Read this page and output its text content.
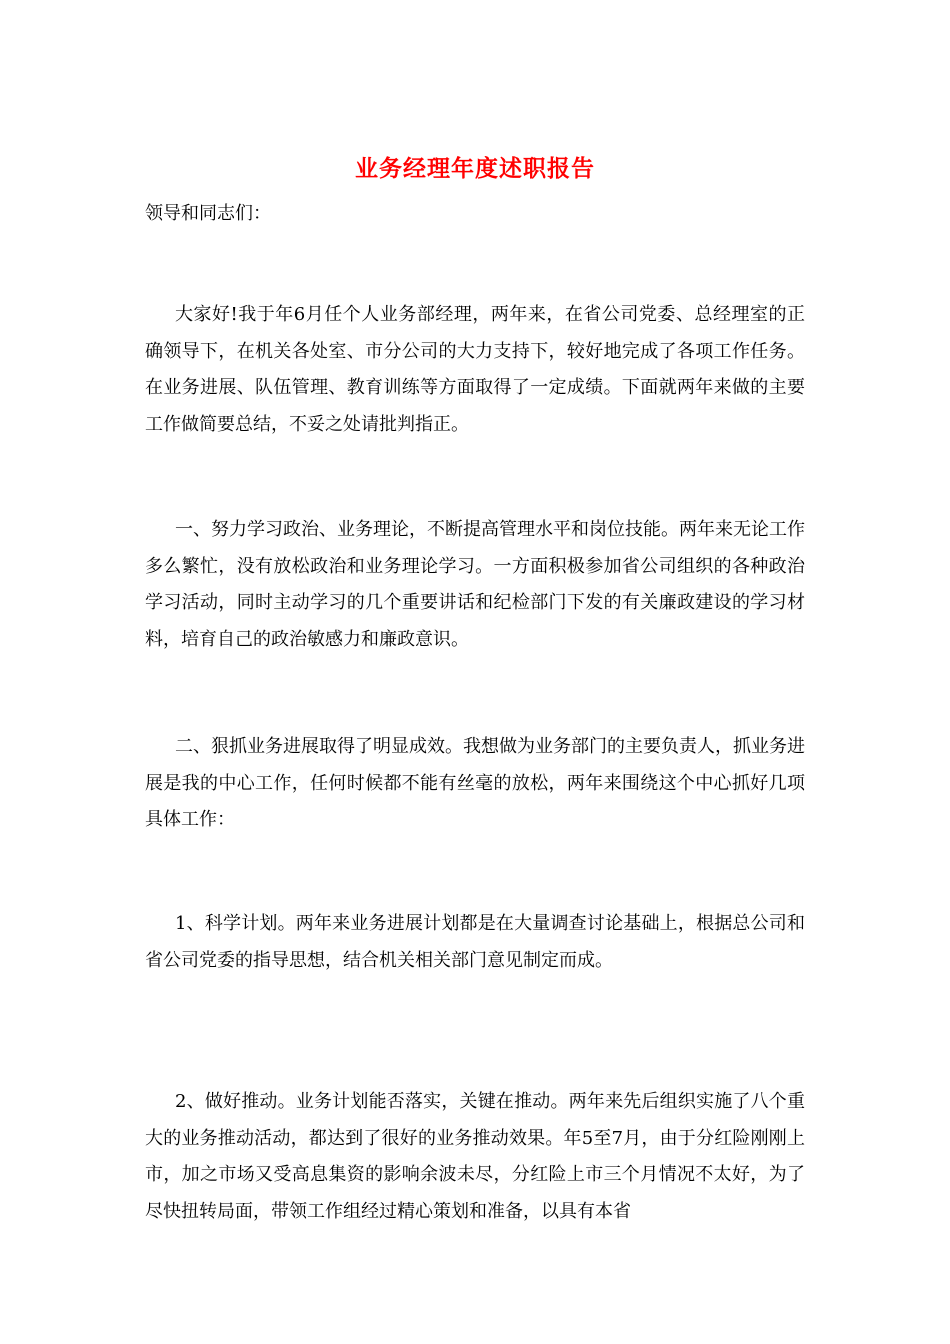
业务经理年度述职报告
领导和同志们：

大家好!我于年6月任个人业务部经理，两年来，在省公司党委、总经理室的正确领导下，在机关各处室、市分公司的大力支持下，较好地完成了各项工作任务。在业务进展、队伍管理、教育训练等方面取得了一定成绩。下面就两年来做的主要工作做简要总结，不妥之处请批判指正。

一、努力学习政治、业务理论，不断提高管理水平和岗位技能。两年来无论工作多么繁忙，没有放松政治和业务理论学习。一方面积极参加省公司组织的各种政治学习活动，同时主动学习的几个重要讲话和纪检部门下发的有关廉政建设的学习材料，培育自己的政治敏感力和廉政意识。

二、狠抓业务进展取得了明显成效。我想做为业务部门的主要负责人，抓业务进展是我的中心工作，任何时候都不能有丝毫的放松，两年来围绕这个中心抓好几项具体工作：

1、科学计划。两年来业务进展计划都是在大量调查讨论基础上，根据总公司和省公司党委的指导思想，结合机关相关部门意见制定而成。

2、做好推动。业务计划能否落实，关键在推动。两年来先后组织实施了八个重大的业务推动活动，都达到了很好的业务推动效果。年5至7月，由于分红险刚刚上市，加之市场又受高息集资的影响余波未尽，分红险上市三个月情况不太好，为了尽快扭转局面，带领工作组经过精心策划和准备，以具有本省
